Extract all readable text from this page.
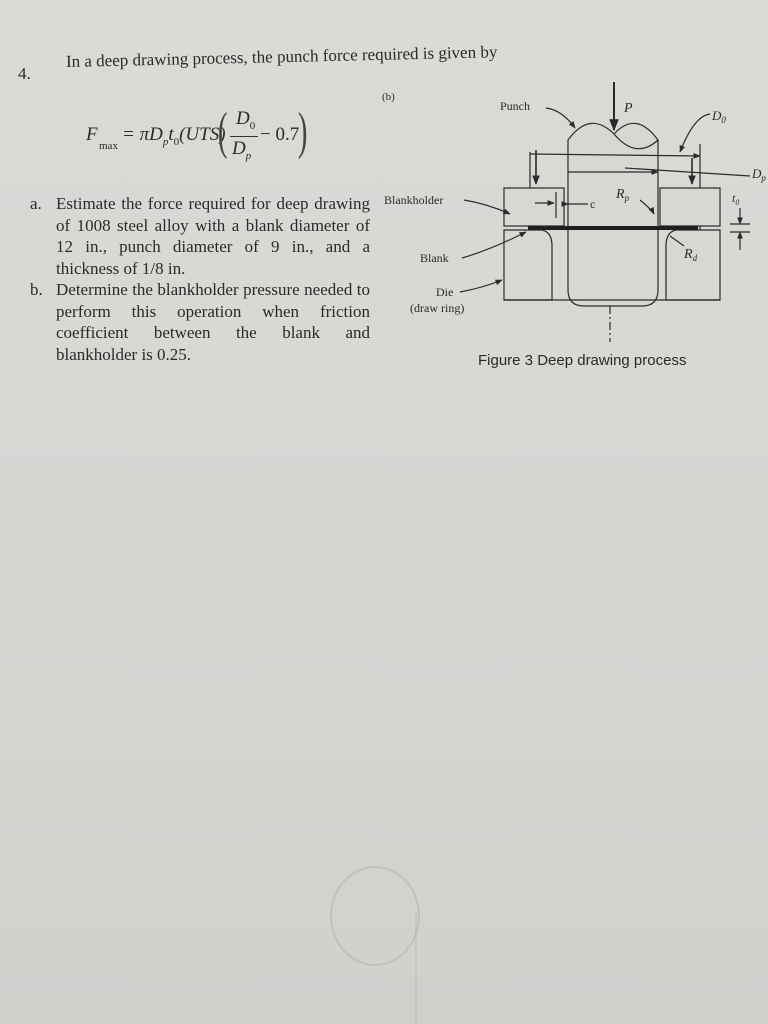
4.
In a deep drawing process, the punch force required is given by
F
max
= $\pi D_pt_0(UTS)$
( $D_0$
$D_p$
− 0.7
)
a. Estimate the force required for deep drawing of 1008 steel alloy with a blank diameter of 12 in., punch diameter of 9 in., and a thickness of 1/8 in.
b. Determine the blankholder pressure needed to perform this operation when friction coefficient between the blank and blankholder is 0.25.
(b)
Punch	P	$D_0$
$D_p$
Blankholder	c
$R_p$	$t_0$
Blank	$R_d$
Die
(draw ring)
Figure 3 Deep drawing process
